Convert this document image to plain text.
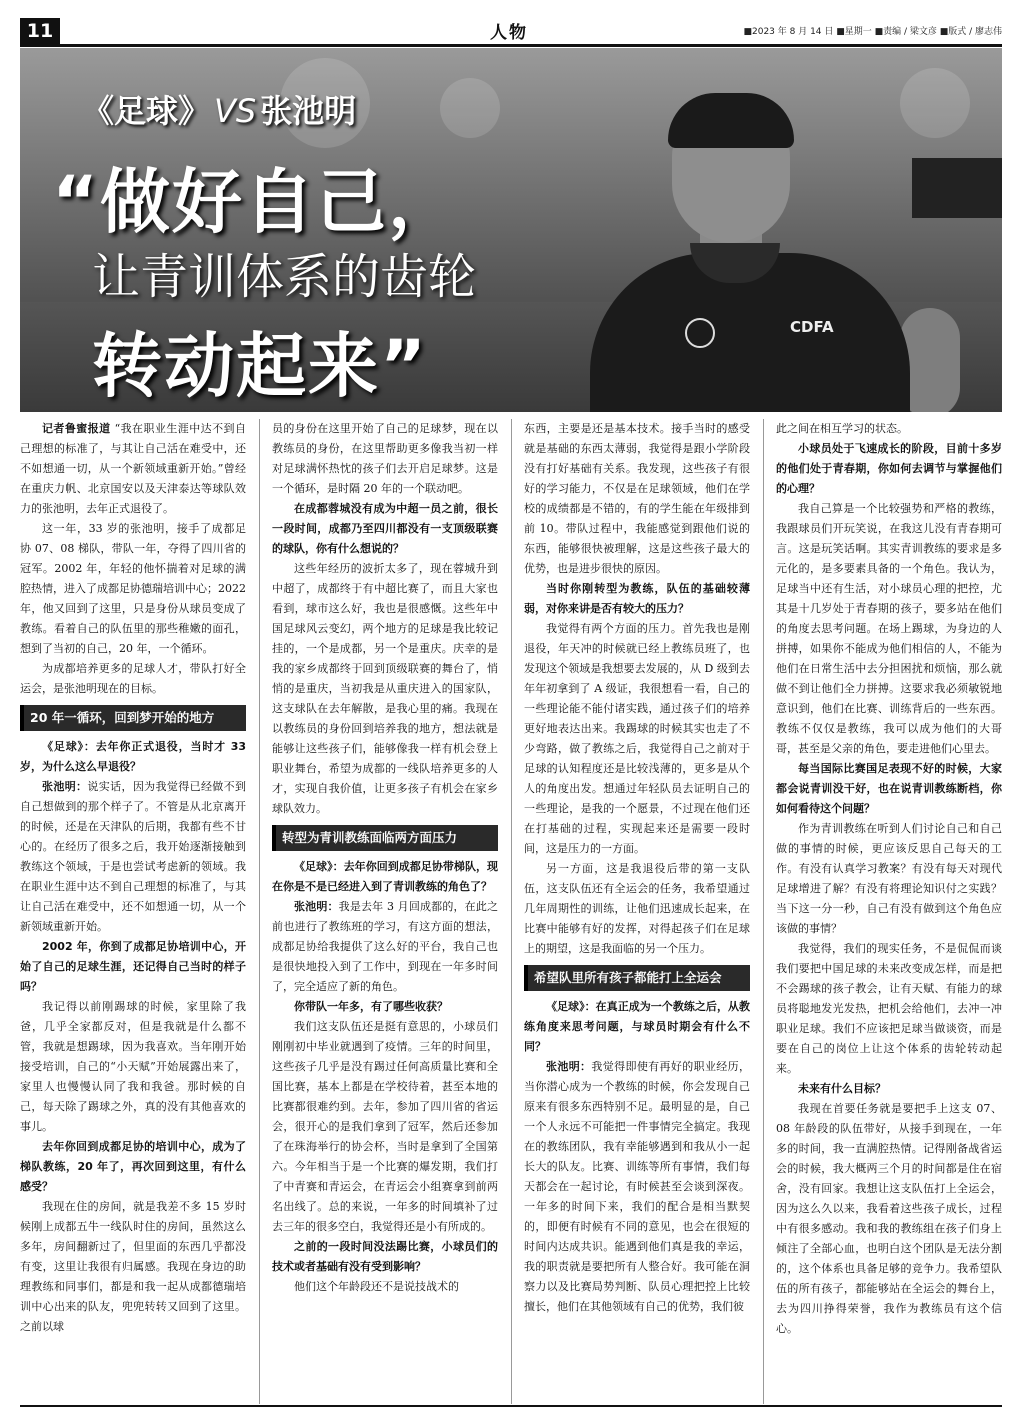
11	人物	■2023 年 8 月 14 日 ■星期一 ■责编 / 梁文彦 ■版式 / 廖志伟
CDFA
《足球》 VS 张池明
“做好自己，
让青训体系的齿轮
转动起来”

记者鲁蜜报道 “我在职业生涯中达不到自己理想的标准了，与其让自己活在难受中，还不如想通一切，从一个新领域重新开始。”曾经在重庆力帆、北京国安以及天津泰达等球队效力的张池明，去年正式退役了。

这一年，33 岁的张池明，接手了成都足协 07、08 梯队，带队一年，夺得了四川省的冠军。2002 年，年轻的他怀揣着对足球的满腔热情，进入了成都足协德瑞培训中心；2022 年，他又回到了这里，只是身份从球员变成了教练。看着自己的队伍里的那些稚嫩的面孔，想到了当初的自己，20 年，一个循环。

为成都培养更多的足球人才，带队打好全运会，是张池明现在的目标。

20 年一循环，回到梦开始的地方

《足球》：去年你正式退役，当时才 33 岁，为什么这么早退役？

张池明：说实话，因为我觉得已经做不到自己想做到的那个样子了。不管是从北京离开的时候，还是在天津队的后期，我都有些不甘心的。在经历了很多之后，我开始逐渐接触到教练这个领域，于是也尝试考虑新的领域。我在职业生涯中达不到自己理想的标准了，与其让自己活在难受中，还不如想通一切，从一个新领域重新开始。

2002 年，你到了成都足协培训中心，开始了自己的足球生涯，还记得自己当时的样子吗？

我记得以前刚踢球的时候，家里除了我爸，几乎全家都反对，但是我就是什么都不管，我就是想踢球，因为我喜欢。当年刚开始接受培训，自己的“小天赋”开始展露出来了，家里人也慢慢认同了我和我爸。那时候的自己，每天除了踢球之外，真的没有其他喜欢的事儿。

去年你回到成都足协的培训中心，成为了梯队教练，20 年了，再次回到这里，有什么感受？

我现在住的房间，就是我差不多 15 岁时候刚上成都五牛一线队时住的房间，虽然这么多年，房间翻新过了，但里面的东西几乎都没有变，这里让我很有归属感。我现在身边的助理教练和同事们，都是和我一起从成都德瑞培训中心出来的队友，兜兜转转又回到了这里。之前以球

员的身份在这里开始了自己的足球梦，现在以教练员的身份，在这里帮助更多像我当初一样对足球满怀热忱的孩子们去开启足球梦。这是一个循环，是时隔 20 年的一个联动吧。

在成都蓉城没有成为中超一员之前，很长一段时间，成都乃至四川都没有一支顶级联赛的球队，你有什么想说的？

这些年经历的波折太多了，现在蓉城升到中超了，成都终于有中超比赛了，而且大家也看到，球市这么好，我也是很感慨。这些年中国足球风云变幻，两个地方的足球是我比较记挂的，一个是成都，另一个是重庆。庆幸的是我的家乡成都终于回到顶级联赛的舞台了，悄悄的是重庆，当初我是从重庆进入的国家队，这支球队在去年解散，是我心里的痛。我现在以教练员的身份回到培养我的地方，想法就是能够让这些孩子们，能够像我一样有机会登上职业舞台，希望为成都的一线队培养更多的人才，实现自我价值，让更多孩子有机会在家乡球队效力。

转型为青训教练面临两方面压力

《足球》：去年你回到成都足协带梯队，现在你是不是已经进入到了青训教练的角色了？

张池明：我是去年 3 月回成都的，在此之前也进行了教练班的学习，有这方面的想法，成都足协给我提供了这么好的平台，我自己也是很快地投入到了工作中，到现在一年多时间了，完全适应了新的角色。

你带队一年多，有了哪些收获？

我们这支队伍还是挺有意思的，小球员们刚刚初中毕业就遇到了疫情。三年的时间里，这些孩子几乎是没有踢过任何高质量比赛和全国比赛，基本上都是在学校待着，甚至本地的比赛都很难约到。去年，参加了四川省的省运会，很开心的是我们拿到了冠军，然后还参加了在珠海举行的协会杯，当时是拿到了全国第六。今年相当于是一个比赛的爆发期，我们打了中青赛和青运会，在青运会小组赛拿到前两名出线了。总的来说，一年多的时间填补了过去三年的很多空白，我觉得还是小有所成的。

之前的一段时间没法踢比赛，小球员们的技术或者基础有没有受到影响？

他们这个年龄段还不是说技战术的

东西，主要是还是基本技术。接手当时的感受就是基础的东西太薄弱，我觉得是跟小学阶段没有打好基础有关系。我发现，这些孩子有很好的学习能力，不仅是在足球领域，他们在学校的成绩都是不错的，有的学生能在年级排到前 10。带队过程中，我能感觉到跟他们说的东西，能够很快被理解，这是这些孩子最大的优势，也是进步很快的原因。

当时你刚转型为教练，队伍的基础较薄弱，对你来讲是否有较大的压力？

我觉得有两个方面的压力。首先我也是刚退役，年天冲的时候就已经上教练员班了，也发现这个领域是我想要去发展的，从 D 级到去年年初拿到了 A 级证，我很想看一看，自己的一些理论能不能付诸实践，通过孩子们的培养更好地表达出来。我踢球的时候其实也走了不少弯路，做了教练之后，我觉得自己之前对于足球的认知程度还是比较浅薄的，更多是从个人的角度出发。想通过年轻队员去证明自己的一些理论，是我的一个愿景，不过现在他们还在打基础的过程，实现起来还是需要一段时间，这是压力的一方面。

另一方面，这是我退役后带的第一支队伍，这支队伍还有全运会的任务，我希望通过几年周期性的训练，让他们迅速成长起来，在比赛中能够有好的发挥，对得起孩子们在足球上的期望，这是我面临的另一个压力。

希望队里所有孩子都能打上全运会

《足球》：在真正成为一个教练之后，从教练角度来思考问题，与球员时期会有什么不同？

张池明：我觉得即使有再好的职业经历，当你潜心成为一个教练的时候，你会发现自己原来有很多东西特别不足。最明显的是，自己一个人永远不可能把一件事情完全搞定。我现在的教练团队，我有幸能够遇到和我从小一起长大的队友。比赛、训练等所有事情，我们每天都会在一起讨论，有时候甚至会谈到深夜。一年多的时间下来，我们的配合是相当默契的，即便有时候有不同的意见，也会在很短的时间内达成共识。能遇到他们真是我的幸运，我的职责就是要把所有人整合好。我可能在洞察力以及比赛局势判断、队员心理把控上比较擅长，他们在其他领域有自己的优势，我们彼

此之间在相互学习的状态。

小球员处于飞速成长的阶段，目前十多岁的他们处于青春期，你如何去调节与掌握他们的心理？

我自己算是一个比较强势和严格的教练，我跟球员们开玩笑说，在我这儿没有青春期可言。这是玩笑话啊。其实青训教练的要求是多元化的，是多要素具备的一个角色。我认为，足球当中还有生活，对小球员心理的把控，尤其是十几岁处于青春期的孩子，要多站在他们的角度去思考问题。在场上踢球，为身边的人拼搏，如果你不能成为他们相信的人，不能为他们在日常生活中去分担困扰和烦恼，那么就做不到让他们全力拼搏。这要求我必须敏锐地意识到，他们在比赛、训练背后的一些东西。教练不仅仅是教练，我可以成为他们的大哥哥，甚至是父亲的角色，要走进他们心里去。

每当国际比赛国足表现不好的时候，大家都会说青训没干好，也在说青训教练断档，你如何看待这个问题？

作为青训教练在听到人们讨论自己和自己做的事情的时候，更应该反思自己每天的工作。有没有认真学习教案？有没有每天对现代足球增进了解？有没有将理论知识付之实践？当下这一分一秒，自己有没有做到这个角色应该做的事情？

我觉得，我们的现实任务，不是侃侃而谈我们要把中国足球的未来改变成怎样，而是把不会踢球的孩子教会，让有天赋、有能力的球员将聪地发光发热，把机会给他们，去冲一冲职业足球。我们不应该把足球当做谈资，而是要在自己的岗位上让这个体系的齿轮转动起来。

未来有什么目标？

我现在首要任务就是要把手上这支 07、08 年龄段的队伍带好，从接手到现在，一年多的时间，我一直满腔热情。记得刚备战省运会的时候，我大概两三个月的时间都是住在宿舍，没有回家。我想让这支队伍打上全运会，因为这么久以来，我看着这些孩子成长，过程中有很多感动。我和我的教练组在孩子们身上倾注了全部心血，也明白这个团队是无法分割的，这个体系也具备足够的竞争力。我希望队伍的所有孩子，都能够站在全运会的舞台上，去为四川挣得荣誉，我作为教练员有这个信心。
